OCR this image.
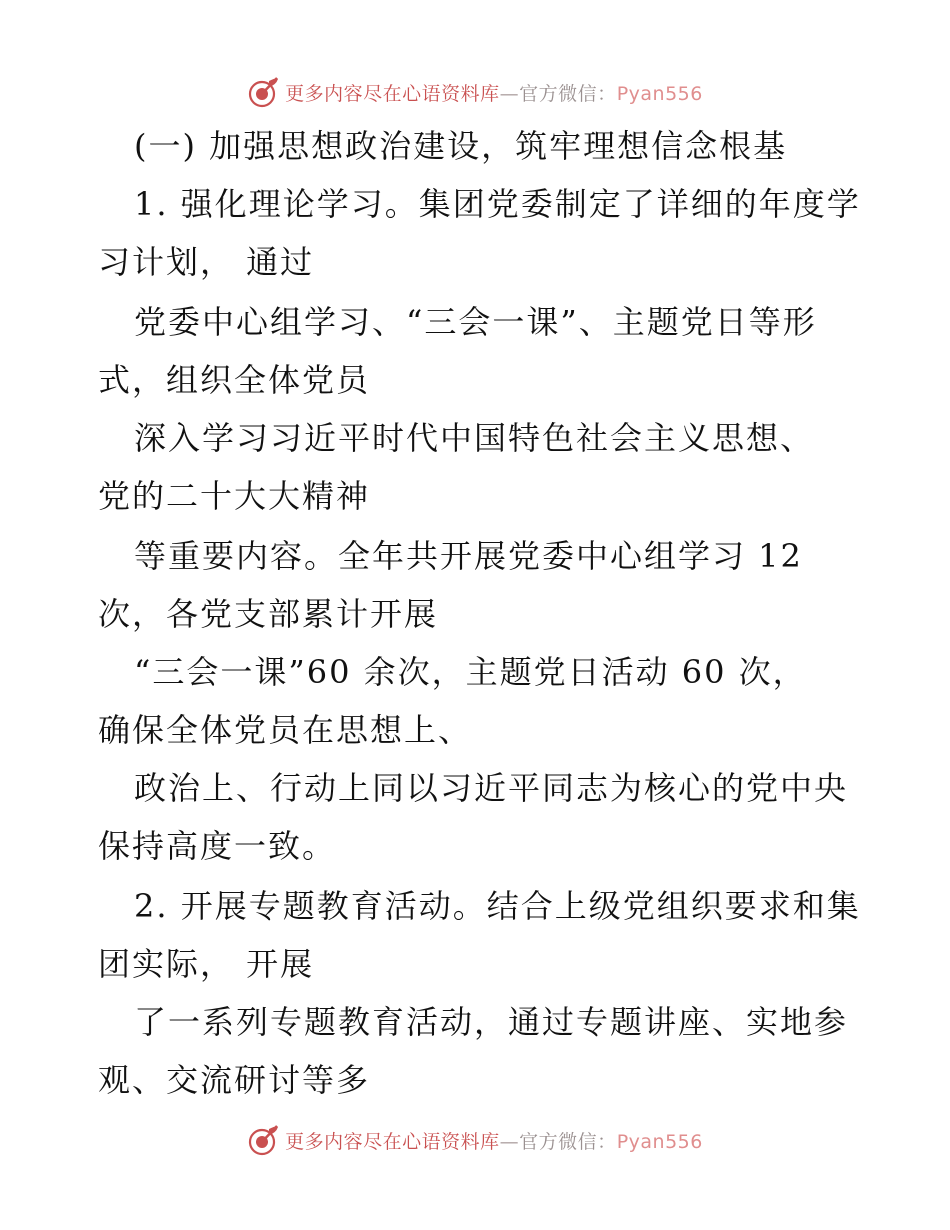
更多内容尽在心语资料库—官方微信：Pyan556
(一) 加强思想政治建设，筑牢理想信念根基
1. 强化理论学习。集团党委制定了详细的年度学
习计划， 通过
党委中心组学习、“三会一课”、主题党日等形
式，组织全体党员
深入学习习近平时代中国特色社会主义思想、
党的二十大大精神
等重要内容。全年共开展党委中心组学习 12
次，各党支部累计开展
“三会一课”60 余次，主题党日活动 60 次，
确保全体党员在思想上、
政治上、行动上同以习近平同志为核心的党中央
保持高度一致。
2. 开展专题教育活动。结合上级党组织要求和集
团实际， 开展
了一系列专题教育活动，通过专题讲座、实地参
观、交流研讨等多
更多内容尽在心语资料库—官方微信：Pyan556
